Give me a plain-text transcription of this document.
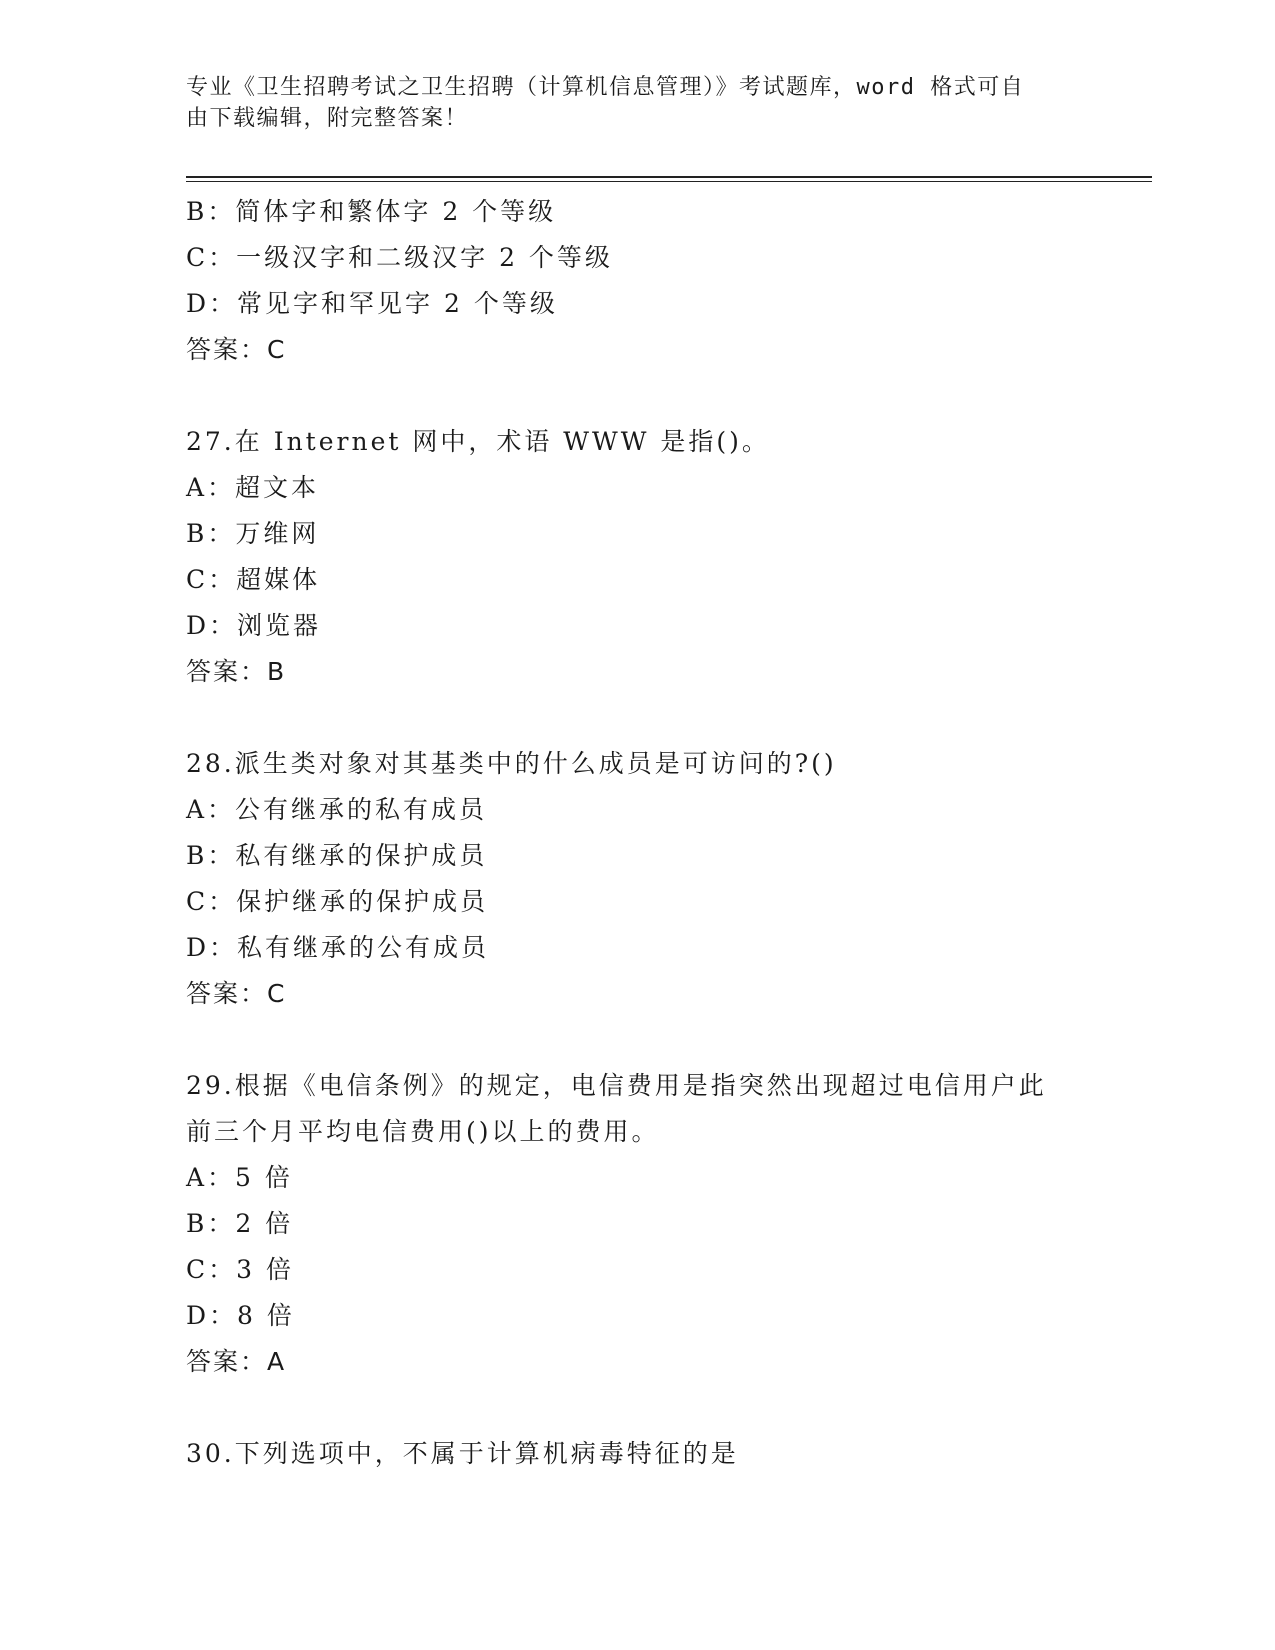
专业《卫生招聘考试之卫生招聘（计算机信息管理）》考试题库，word 格式可自
由下载编辑，附完整答案！
B：简体字和繁体字 2 个等级
C：一级汉字和二级汉字 2 个等级
D：常见字和罕见字 2 个等级
答案：C
27.在 Internet 网中，术语 WWW 是指()。
A：超文本
B：万维网
C：超媒体
D：浏览器
答案：B
28.派生类对象对其基类中的什么成员是可访问的?()
A：公有继承的私有成员
B：私有继承的保护成员
C：保护继承的保护成员
D：私有继承的公有成员
答案：C
29.根据《电信条例》的规定，电信费用是指突然出现超过电信用户此
前三个月平均电信费用()以上的费用。
A：5 倍
B：2 倍
C：3 倍
D：8 倍
答案：A
30.下列选项中，不属于计算机病毒特征的是
